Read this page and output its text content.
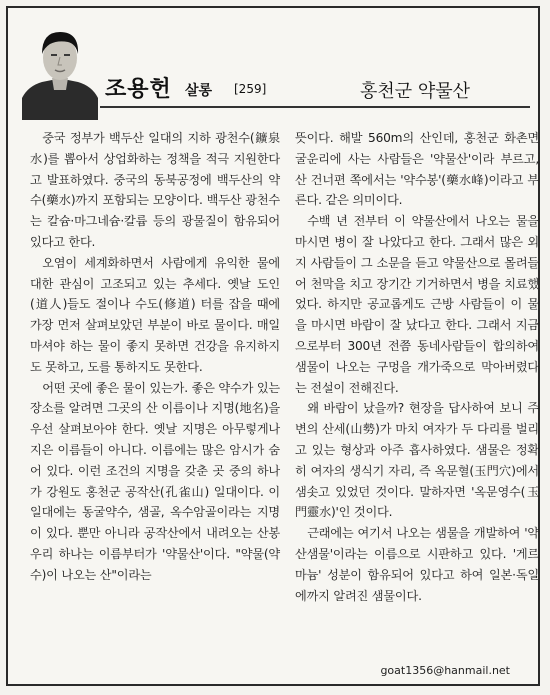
조용헌 살롱 [259]	홍천군 약물산

중국 정부가 백두산 일대의 지하 광천수(鑛泉水)를 뽑아서 상업화하는 정책을 적극 지원한다고 발표하였다. 중국의 동북공정에 백두산의 약수(藥水)까지 포함되는 모양이다. 백두산 광천수는 칼슘·마그네슘·칼륨 등의 광물질이 함유되어 있다고 한다.

오염이 세계화하면서 사람에게 유익한 물에 대한 관심이 고조되고 있는 추세다. 옛날 도인(道人)들도 절이나 수도(修道) 터를 잡을 때에 가장 먼저 살펴보았던 부분이 바로 물이다. 매일 마셔야 하는 물이 좋지 못하면 건강을 유지하지도 못하고, 도를 통하지도 못한다.

어떤 곳에 좋은 물이 있는가. 좋은 약수가 있는 장소를 알려면 그곳의 산 이름이나 지명(地名)을 우선 살펴보아야 한다. 옛날 지명은 아무렇게나 지은 이름들이 아니다. 이름에는 많은 암시가 숨어 있다. 이런 조건의 지명을 갖춘 곳 중의 하나가 강원도 홍천군 공작산(孔雀山) 일대이다. 이 일대에는 동굴약수, 샘골, 옥수암골이라는 지명이 있다. 뿐만 아니라 공작산에서 내려오는 산봉우리 하나는 이름부터가 '약물산'이다. "약물(약수)이 나오는 산"이라는

뜻이다. 해발 560m의 산인데, 홍천군 화촌면 굴운리에 사는 사람들은 '약물산'이라 부르고, 산 건너편 쪽에서는 '약수봉'(藥水峰)이라고 부른다. 같은 의미이다.

수백 년 전부터 이 약물산에서 나오는 물을 마시면 병이 잘 나았다고 한다. 그래서 많은 외지 사람들이 그 소문을 듣고 약물산으로 몰려들어 천막을 치고 장기간 기거하면서 병을 치료했었다. 하지만 공교롭게도 근방 사람들이 이 물을 마시면 바람이 잘 났다고 한다. 그래서 지금으로부터 300년 전쯤 동네사람들이 합의하여 샘물이 나오는 구멍을 개가죽으로 막아버렸다는 전설이 전해진다.

왜 바람이 났을까? 현장을 답사하여 보니 주변의 산세(山勢)가 마치 여자가 두 다리를 벌리고 있는 형상과 아주 흡사하였다. 샘물은 정확히 여자의 생식기 자리, 즉 옥문혈(玉門穴)에서 샘솟고 있었던 것이다. 말하자면 '옥문영수(玉門靈水)'인 것이다.

근래에는 여기서 나오는 샘물을 개발하여 '약산샘물'이라는 이름으로 시판하고 있다. '게르마늄' 성분이 함유되어 있다고 하여 일본·독일에까지 알려진 샘물이다.

goat1356@hanmail.net
